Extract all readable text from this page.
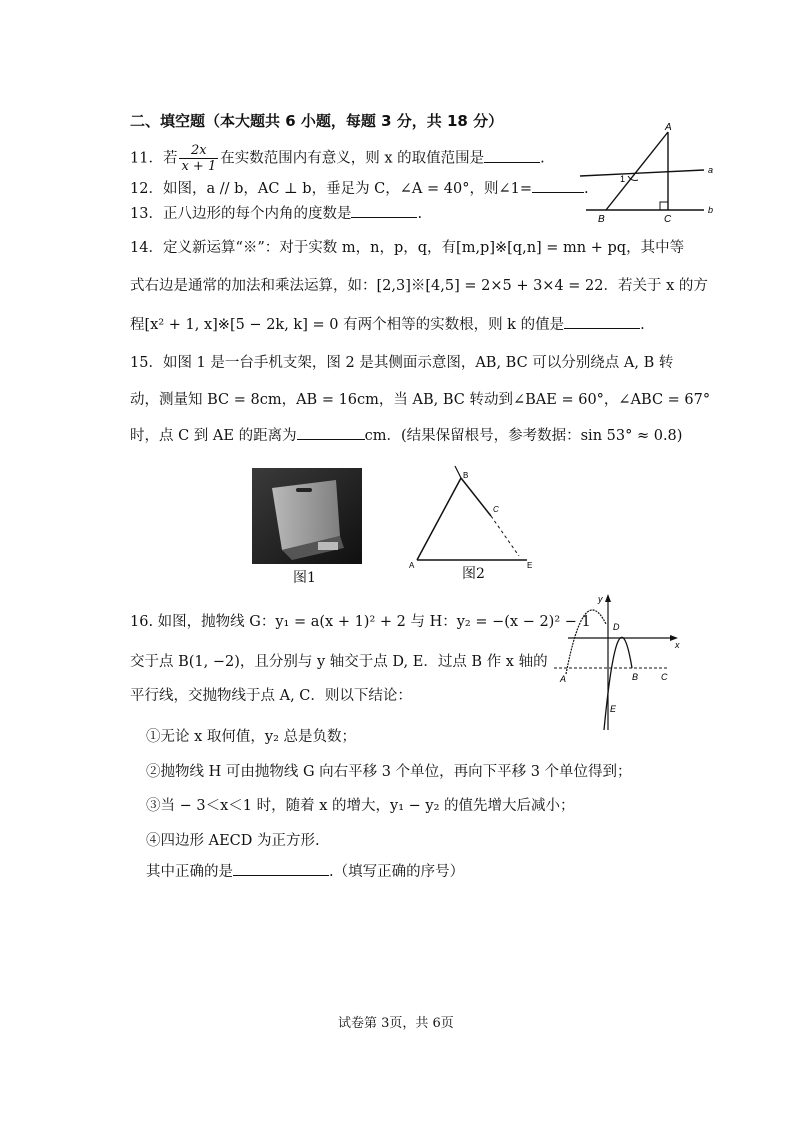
二、填空题（本大题共 6 小题，每题 3 分，共 18 分）
11．若 $\frac{2x}{x + 1}$ 在实数范围内有意义，则 x 的取值范围是	.
12．如图，a // b，AC ⊥ b，垂足为 C，∠A = 40°，则∠1=	.
13．正八边形的每个内角的度数是	.
A
B	C
a
b
1
14．定义新运算“※”：对于实数 m，n，p，q，有[m,p]※[q,n] = mn + pq，其中等
式右边是通常的加法和乘法运算，如：[2,3]※[4,5] = 2×5 + 3×4 = 22．若关于 x 的方
程[x² + 1, x]※[5 − 2k, k] = 0 有两个相等的实数根，则 k 的值是	.
15．如图 1 是一台手机支架，图 2 是其侧面示意图，AB, BC 可以分别绕点 A, B 转
动，测量知 BC = 8cm，AB = 16cm，当 AB, BC 转动到∠BAE = 60°，∠ABC = 67°
时，点 C 到 AE 的距离为	cm．(结果保留根号，参考数据：sin 53° ≈ 0.8)
图1
B
C
A	E
图2
16. 如图，抛物线 G：y₁ = a(x + 1)² + 2 与 H：y₂ = −(x − 2)² − 1
交于点 B(1, −2)，且分别与 y 轴交于点 D, E．过点 B 作 x 轴的
平行线，交抛物线于点 A, C．则以下结论：
y
x
D
A	B	C
E
①无论 x 取何值，y₂ 总是负数；
②抛物线 H 可由抛物线 G 向右平移 3 个单位，再向下平移 3 个单位得到；
③当 − 3＜x＜1 时，随着 x 的增大，y₁ − y₂ 的值先增大后减小；
④四边形 AECD 为正方形.
其中正确的是	.（填写正确的序号）
试卷第 3页，共 6页
